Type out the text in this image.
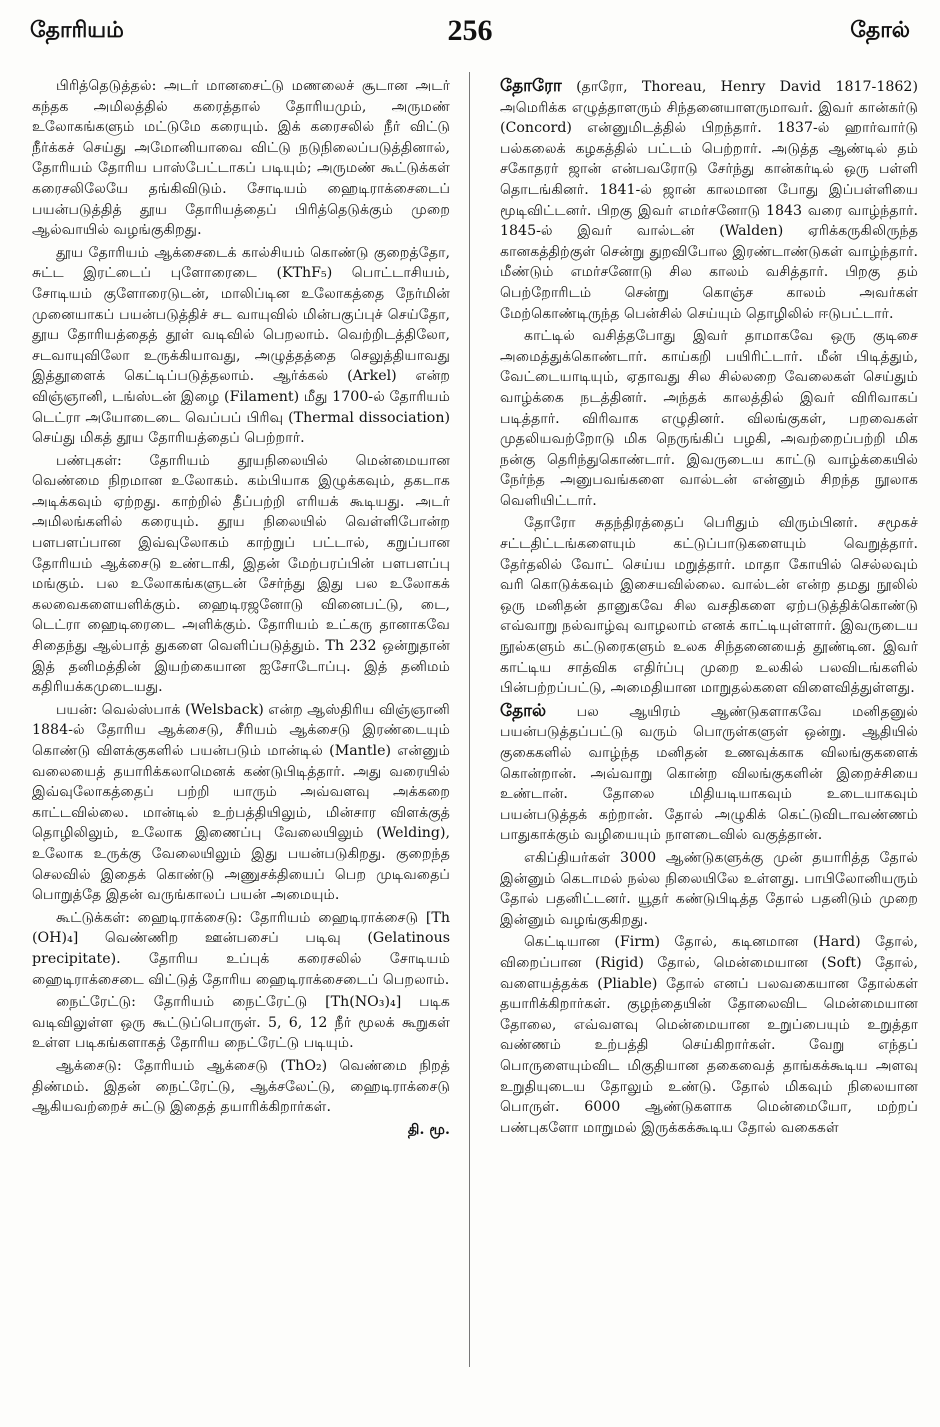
தோரியம்	256	தோல்

பிரித்தெடுத்தல்: அடர் மானசைட்டு மணலைச் சூடான அடர் கந்தக அமிலத்தில் கரைத்தால் தோரியமும், அருமண் உலோகங்களும் மட்டுமே கரையும். இக் கரைசலில் நீர் விட்டு நீர்க்கச் செய்து அமோனியாவை விட்டு நடுநிலைப்படுத்தினால், தோரியம் தோரிய பாஸ்பேட்டாகப் படியும்; அருமண் கூட்டுக்கள் கரைசலிலேயே தங்கிவிடும். சோடியம் ஹைடிராக்சைடைப் பயன்படுத்தித் தூய தோரியத்தைப் பிரித்தெடுக்கும் முறை ஆல்வாயில் வழங்குகிறது.

தூய தோரியம் ஆக்சைடைக் கால்சியம் கொண்டு குறைத்தோ, சுட்ட இரட்டைப் புளோரைடை (KThF₅) பொட்டாசியம், சோடியம் குளோரைடுடன், மாலிப்டின உலோகத்தை நேர்மின் முனையாகப் பயன்படுத்திச் சட வாயுவில் மின்பகுப்புச் செய்தோ, தூய தோரியத்தைத் தூள் வடிவில் பெறலாம். வெற்றிடத்திலோ, சடவாயுவிலோ உருக்கியாவது, அழுத்தத்தை செலுத்தியாவது இத்தூளைக் கெட்டிப்படுத்தலாம். ஆர்க்கல் (Arkel) என்ற விஞ்ஞானி, டங்ஸ்டன் இழை (Filament) மீது 1700-ல் தோரியம் டெட்ரா அயோடைடை வெப்பப் பிரிவு (Thermal dissociation) செய்து மிகத் தூய தோரியத்தைப் பெற்றார்.

பண்புகள்: தோரியம் தூயநிலையில் மென்மையான வெண்மை நிறமான உலோகம். கம்பியாக இழுக்கவும், தகடாக அடிக்கவும் ஏற்றது. காற்றில் தீப்பற்றி எரியக் கூடியது. அடர் அமிலங்களில் கரையும். தூய நிலையில் வெள்ளிபோன்ற பளபளப்பான இவ்வுலோகம் காற்றுப் பட்டால், கறுப்பான தோரியம் ஆக்சைடு உண்டாகி, இதன் மேற்பரப்பின் பளபளப்பு மங்கும். பல உலோகங்களுடன் சேர்ந்து இது பல உலோகக் கலவைகளையளிக்கும். ஹைடிரஜனோடு வினைபட்டு, டை, டெட்ரா ஹைடிரைடை அளிக்கும். தோரியம் உட்கரு தானாகவே சிதைந்து ஆல்பாத் துகளை வெளிப்படுத்தும். Th 232 ஒன்றுதான் இத் தனிமத்தின் இயற்கையான ஐசோடோப்பு. இத் தனிமம் கதிரியக்கமுடையது.

பயன்: வெல்ஸ்பாக் (Welsback) என்ற ஆஸ்திரிய விஞ்ஞானி 1884-ல் தோரிய ஆக்சைடு, சீரியம் ஆக்சைடு இரண்டையும் கொண்டு விளக்குகளில் பயன்படும் மான்டில் (Mantle) என்னும் வலையைத் தயாரிக்கலாமெனக் கண்டுபிடித்தார். அது வரையில் இவ்வுலோகத்தைப் பற்றி யாரும் அவ்வளவு அக்கறை காட்டவில்லை. மான்டில் உற்பத்தியிலும், மின்சார விளக்குத் தொழிலிலும், உலோக இணைப்பு வேலையிலும் (Welding), உலோக உருக்கு வேலையிலும் இது பயன்படுகிறது. குறைந்த செலவில் இதைக் கொண்டு அணுசக்தியைப் பெற முடிவதைப் பொறுத்தே இதன் வருங்காலப் பயன் அமையும்.

கூட்டுக்கள்: ஹைடிராக்சைடு: தோரியம் ஹைடிராக்சைடு [Th (OH)₄] வெண்ணிற ஊன்பசைப் படிவு (Gelatinous precipitate). தோரிய உப்புக் கரைசலில் சோடியம் ஹைடிராக்சைடை விட்டுத் தோரிய ஹைடிராக்சைடைப் பெறலாம்.

நைட்ரேட்டு: தோரியம் நைட்ரேட்டு [Th(NO₃)₄] படிக வடிவிலுள்ள ஒரு கூட்டுப்பொருள். 5, 6, 12 நீர் மூலக் கூறுகள் உள்ள படிகங்களாகத் தோரிய நைட்ரேட்டு படியும்.

ஆக்சைடு: தோரியம் ஆக்சைடு (ThO₂) வெண்மை நிறத் திண்மம். இதன் நைட்ரேட்டு, ஆக்சலேட்டு, ஹைடிராக்சைடு ஆகியவற்றைச் சுட்டு இதைத் தயாரிக்கிறார்கள்.

தி. மூ.

தோரோ (தாரோ, Thoreau, Henry David 1817-1862) அமெரிக்க எழுத்தாளரும் சிந்தனையாளருமாவர். இவர் கான்கர்டு (Concord) என்னுமிடத்தில் பிறந்தார். 1837-ல் ஹார்வார்டு பல்கலைக் கழகத்தில் பட்டம் பெற்றார். அடுத்த ஆண்டில் தம் சகோதரர் ஜான் என்பவரோடு சேர்ந்து கான்கர்டில் ஒரு பள்ளி தொடங்கினர். 1841-ல் ஜான் காலமான போது இப்பள்ளியை மூடிவிட்டனர். பிறகு இவர் எமர்சனோடு 1843 வரை வாழ்ந்தார். 1845-ல் இவர் வால்டன் (Walden) ஏரிக்கருகிலிருந்த கானகத்திற்குள் சென்று துறவிபோல இரண்டாண்டுகள் வாழ்ந்தார். மீண்டும் எமர்சனோடு சில காலம் வசித்தார். பிறகு தம் பெற்றோரிடம் சென்று கொஞ்ச காலம் அவர்கள் மேற்கொண்டிருந்த பென்சில் செய்யும் தொழிலில் ஈடுபட்டார்.

காட்டில் வசித்தபோது இவர் தாமாகவே ஒரு குடிசை அமைத்துக்கொண்டார். காய்கறி பயிரிட்டார். மீன் பிடித்தும், வேட்டையாடியும், ஏதாவது சில சில்லறை வேலைகள் செய்தும் வாழ்க்கை நடத்தினர். அந்தக் காலத்தில் இவர் விரிவாகப் படித்தார். விரிவாக எழுதினர். விலங்குகள், பறவைகள் முதலியவற்றோடு மிக நெருங்கிப் பழகி, அவற்றைப்பற்றி மிக நன்கு தெரிந்துகொண்டார். இவருடைய காட்டு வாழ்க்கையில் நேர்ந்த அனுபவங்களை வால்டன் என்னும் சிறந்த நூலாக வெளியிட்டார்.

தோரோ சுதந்திரத்தைப் பெரிதும் விரும்பினர். சமூகச் சட்டதிட்டங்களையும் கட்டுப்பாடுகளையும் வெறுத்தார். தேர்தலில் வோட் செய்ய மறுத்தார். மாதா கோயில் செல்லவும் வரி கொடுக்கவும் இசையவில்லை. வால்டன் என்ற தமது நூலில் ஒரு மனிதன் தானுகவே சில வசதிகளை ஏற்படுத்திக்கொண்டு எவ்வாறு நல்வாழ்வு வாழலாம் எனக் காட்டியுள்ளார். இவருடைய நூல்களும் கட்டுரைகளும் உலக சிந்தனையைத் தூண்டின. இவர் காட்டிய சாத்விக எதிர்ப்பு முறை உலகில் பலவிடங்களில் பின்பற்றப்பட்டு, அமைதியான மாறுதல்களை விளைவித்துள்ளது.

தோல் பல ஆயிரம் ஆண்டுகளாகவே மனிதனுல் பயன்படுத்தப்பட்டு வரும் பொருள்களுள் ஒன்று. ஆதியில் குகைகளில் வாழ்ந்த மனிதன் உணவுக்காக விலங்குகளைக் கொன்றான். அவ்வாறு கொன்ற விலங்குகளின் இறைச்சியை உண்டான். தோலை மிதியடியாகவும் உடையாகவும் பயன்படுத்தக் கற்றான். தோல் அழுகிக் கெட்டுவிடாவண்ணம் பாதுகாக்கும் வழியையும் நாளடைவில் வகுத்தான்.

எகிப்தியர்கள் 3000 ஆண்டுகளுக்கு முன் தயாரித்த தோல் இன்னும் கெடாமல் நல்ல நிலையிலே உள்ளது. பாபிலோனியரும் தோல் பதனிட்டனர். யூதர் கண்டுபிடித்த தோல் பதனிடும் முறை இன்னும் வழங்குகிறது.

கெட்டியான (Firm) தோல், கடினமான (Hard) தோல், விறைப்பான (Rigid) தோல், மென்மையான (Soft) தோல், வளையத்தக்க (Pliable) தோல் எனப் பலவகையான தோல்கள் தயாரிக்கிறார்கள். குழந்தையின் தோலைவிட மென்மையான தோலை, எவ்வளவு மென்மையான உறுப்பையும் உறுத்தா வண்ணம் உற்பத்தி செய்கிறார்கள். வேறு எந்தப் பொருளையும்விட மிகுதியான தகைவைத் தாங்கக்கூடிய அளவு உறுதியுடைய தோலும் உண்டு. தோல் மிகவும் நிலையான பொருள். 6000 ஆண்டுகளாக மென்மையோ, மற்றப் பண்புகளோ மாறுமல் இருக்கக்கூடிய தோல் வகைகள்
